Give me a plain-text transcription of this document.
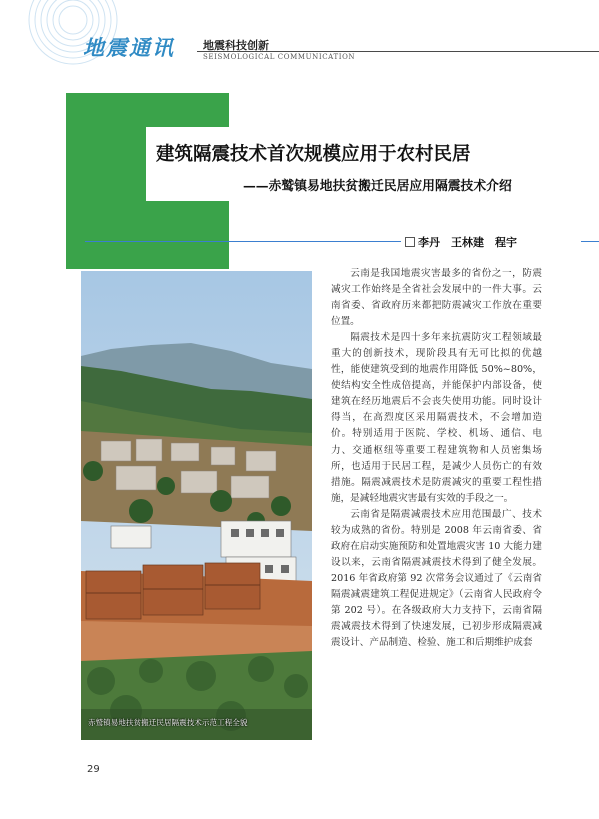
地震通讯	地震科技创新
SEISMOLOGICAL COMMUNICATION
建筑隔震技术首次规模应用于农村民居
——赤鹫镇易地扶贫搬迁民居应用隔震技术介绍
李丹　王林建　程宇
赤鹫镇易地扶贫搬迁民居隔震技术示范工程全貌

云南是我国地震灾害最多的省份之一，防震减灾工作始终是全省社会发展中的一件大事。云南省委、省政府历来都把防震减灾工作放在重要位置。

隔震技术是四十多年来抗震防灾工程领域最重大的创新技术，现阶段具有无可比拟的优越性，能使建筑受到的地震作用降低 50%~80%，使结构安全性成倍提高，并能保护内部设备，使建筑在经历地震后不会丧失使用功能。同时设计得当，在高烈度区采用隔震技术，不会增加造价。特别适用于医院、学校、机场、通信、电力、交通枢纽等重要工程建筑物和人员密集场所，也适用于民居工程，是减少人员伤亡的有效措施。隔震减震技术是防震减灾的重要工程性措施，是减轻地震灾害最有实效的手段之一。

云南省是隔震减震技术应用范围最广、技术较为成熟的省份。特别是 2008 年云南省委、省政府在启动实施预防和处置地震灾害 10 大能力建设以来，云南省隔震减震技术得到了健全发展。2016 年省政府第 92 次常务会议通过了《云南省隔震减震建筑工程促进规定》（云南省人民政府令第 202 号）。在各级政府大力支持下，云南省隔震减震技术得到了快速发展，已初步形成隔震减震设计、产品制造、检验、施工和后期维护成套

29
